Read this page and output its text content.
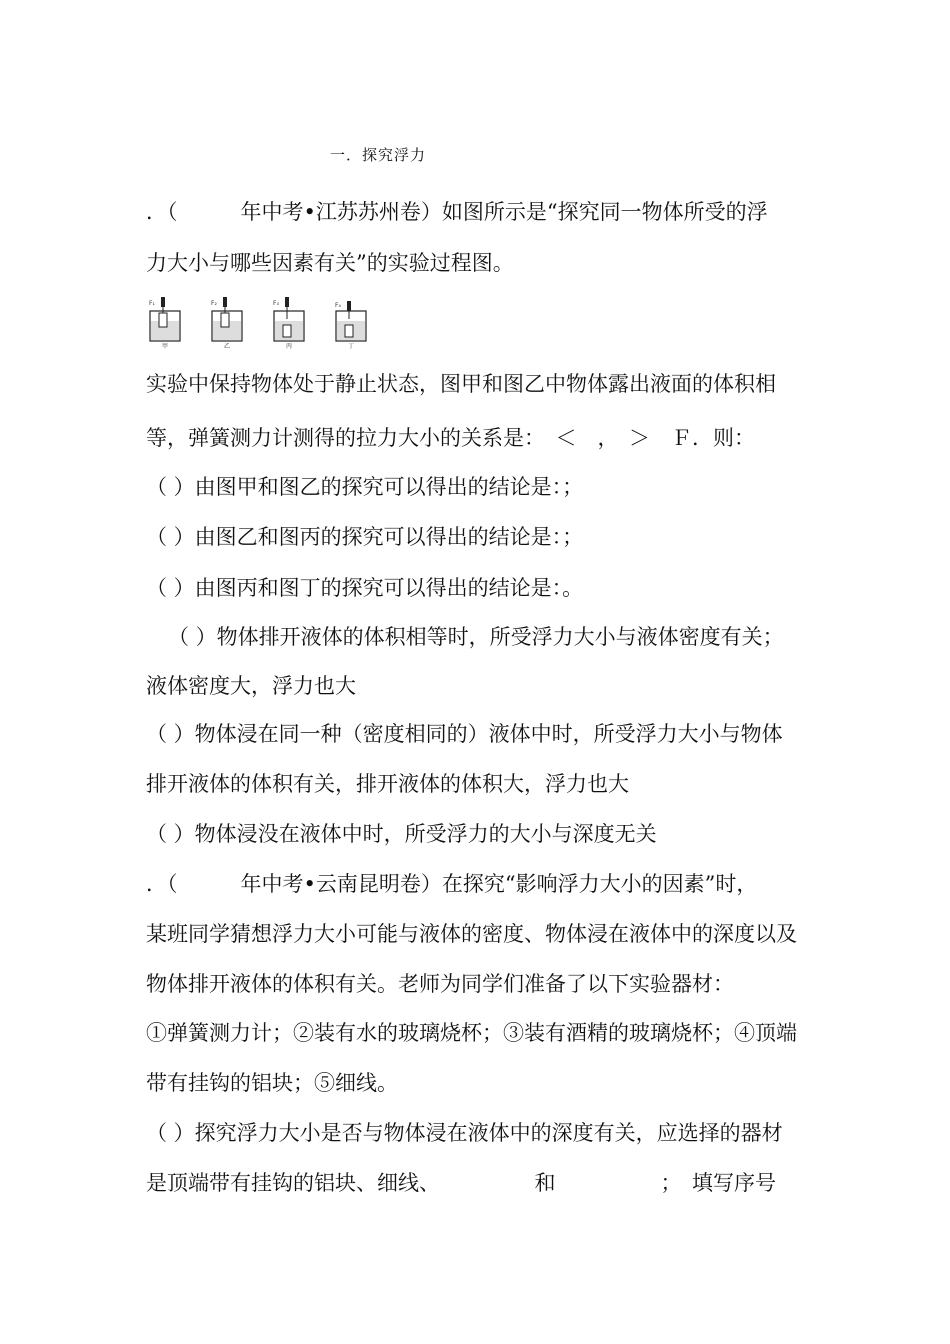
一．探究浮力
．（　　　年中考•江苏苏州卷）如图所示是“探究同一物体所受的浮
力大小与哪些因素有关”的实验过程图。
F₁
甲
F₂
乙
F₃
丙
F₄
丁
实验中保持物体处于静止状态，图甲和图乙中物体露出液面的体积相
等，弹簧测力计测得的拉力大小的关系是：　＜　，　＞　Ｆ．则：
（ ）由图甲和图乙的探究可以得出的结论是：；
（ ）由图乙和图丙的探究可以得出的结论是：；
（ ）由图丙和图丁的探究可以得出的结论是：。
（ ）物体排开液体的体积相等时，所受浮力大小与液体密度有关；
液体密度大，浮力也大
（ ）物体浸在同一种（密度相同的）液体中时，所受浮力大小与物体
排开液体的体积有关，排开液体的体积大，浮力也大
（ ）物体浸没在液体中时，所受浮力的大小与深度无关
．（　　　年中考•云南昆明卷）在探究“影响浮力大小的因素”时，
某班同学猜想浮力大小可能与液体的密度、物体浸在液体中的深度以及
物体排开液体的体积有关。老师为同学们准备了以下实验器材：
①弹簧测力计；②装有水的玻璃烧杯；③装有酒精的玻璃烧杯；④顶端
带有挂钩的铝块；⑤细线。
（ ）探究浮力大小是否与物体浸在液体中的深度有关，应选择的器材
是顶端带有挂钩的铝块、细线、　　　　　和　　　　　；　填写序号
